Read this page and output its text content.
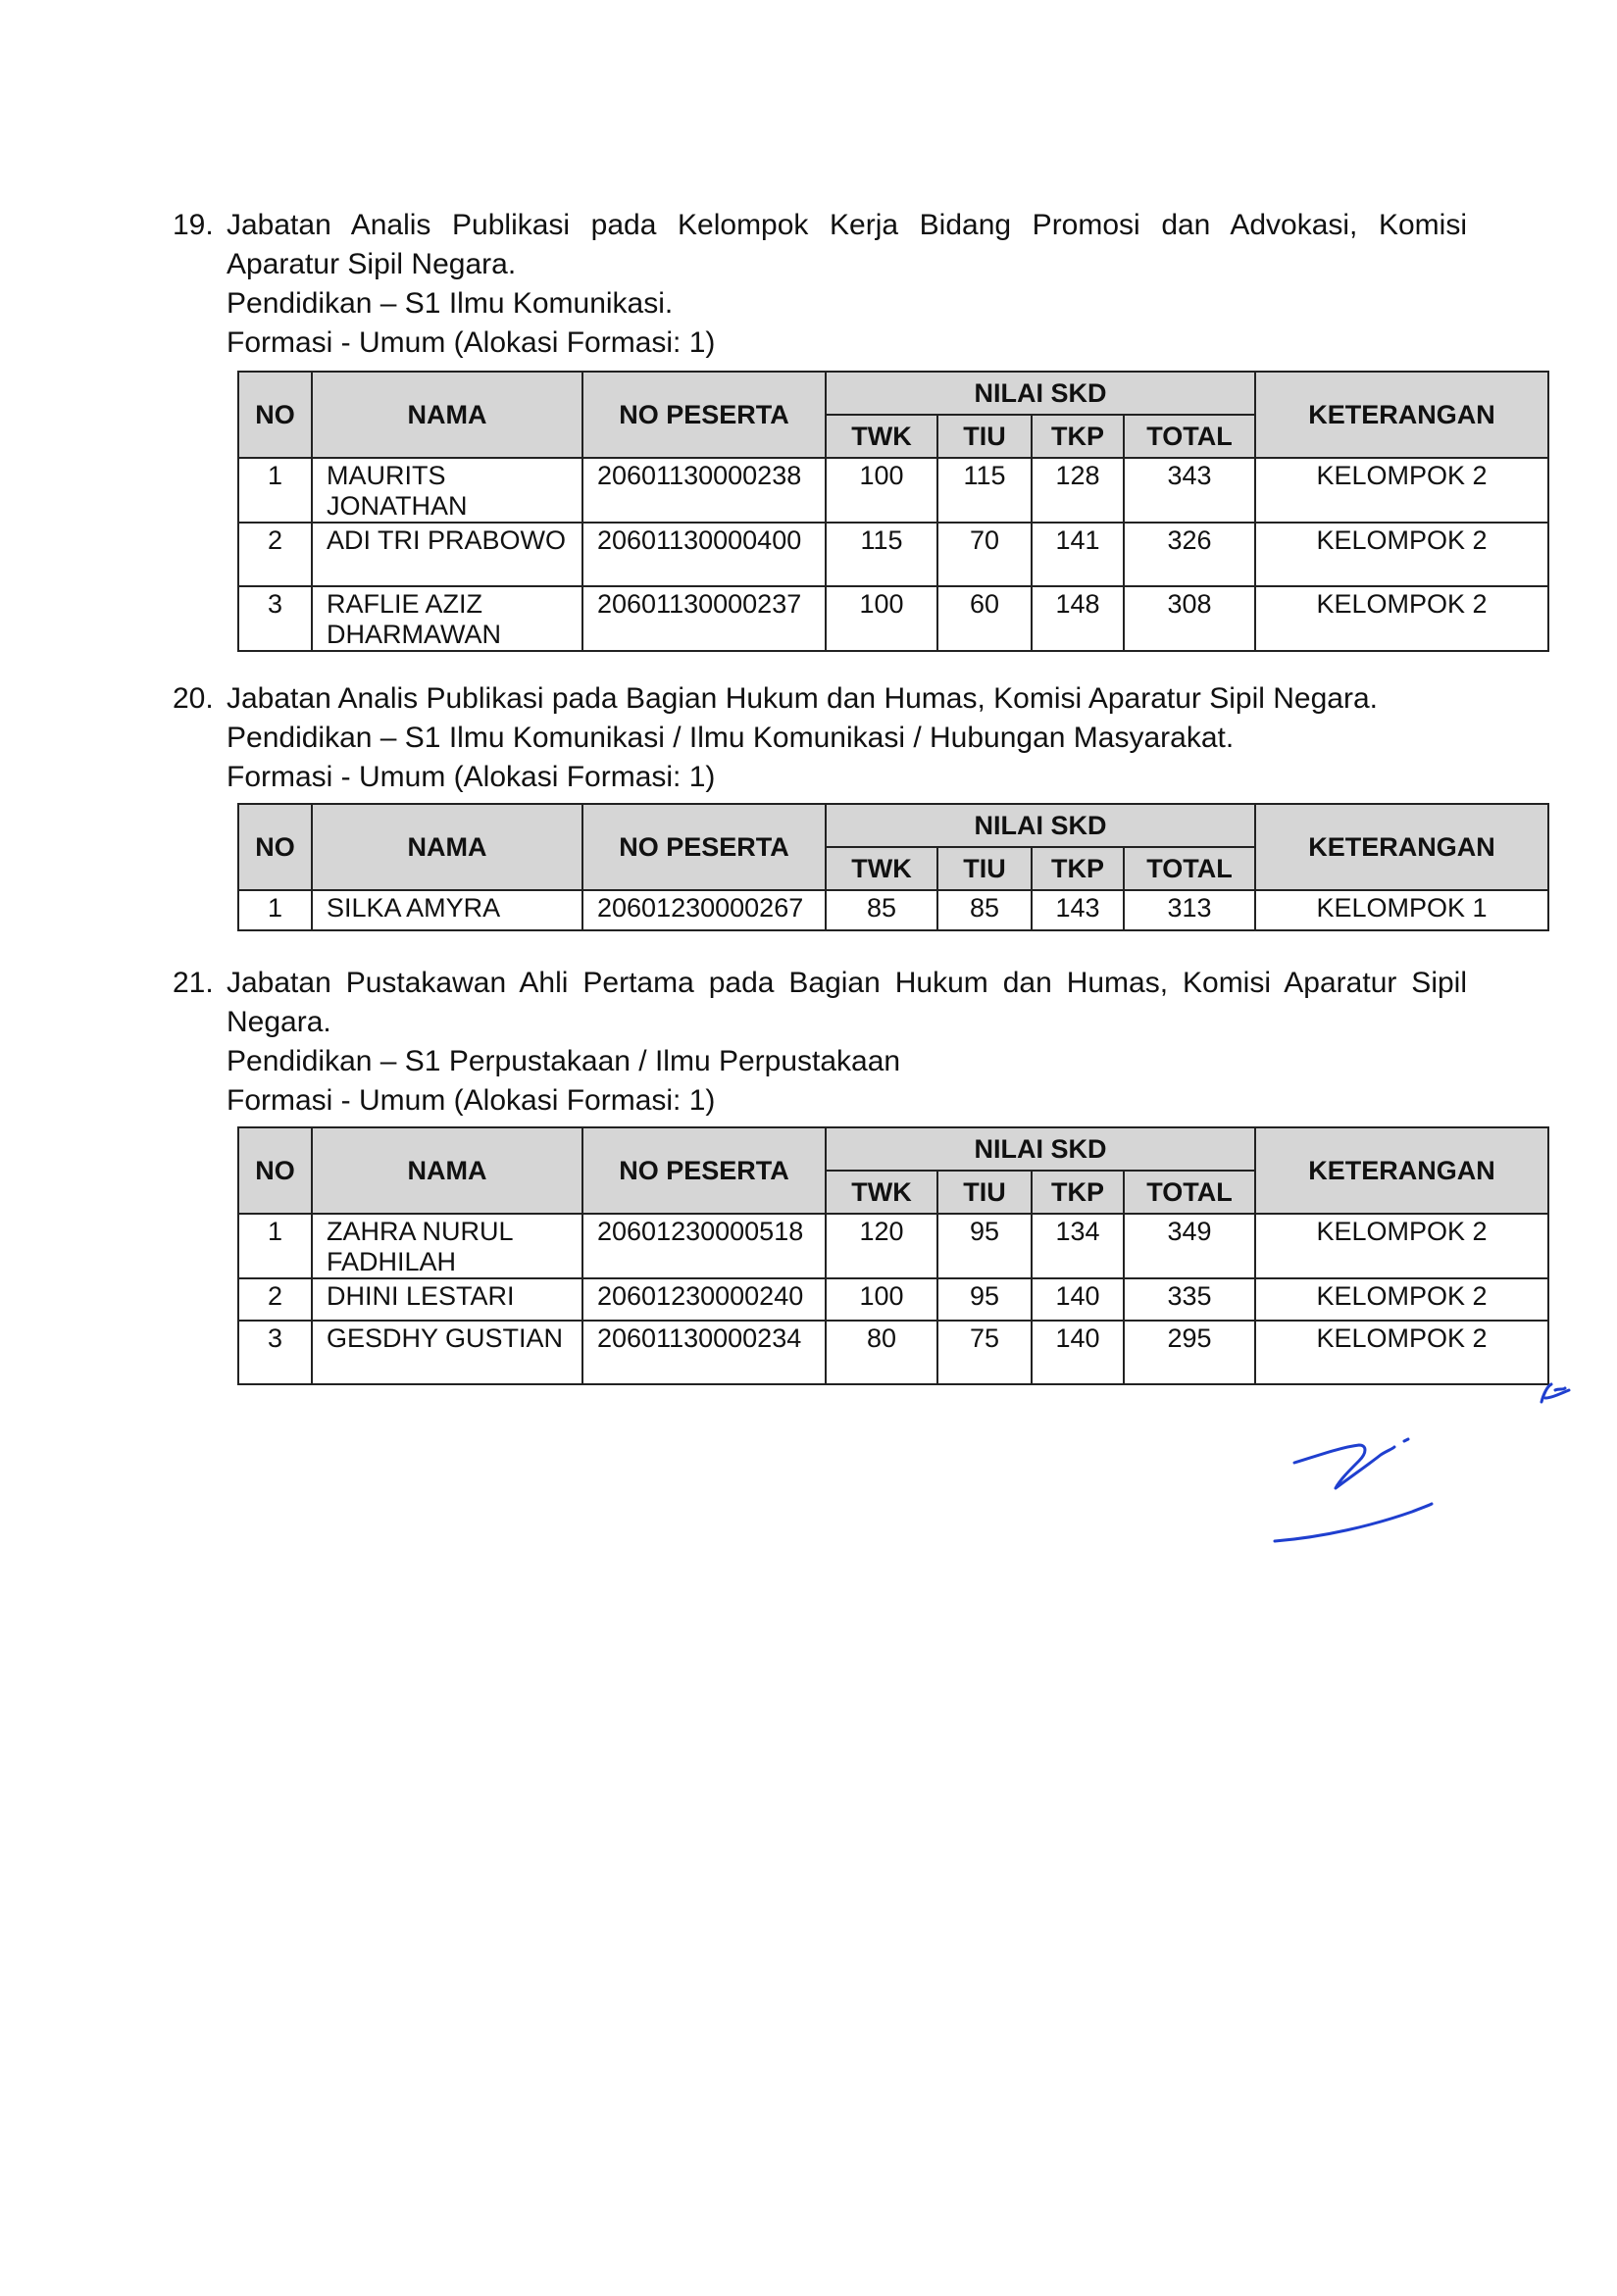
19. Jabatan Analis Publikasi pada Kelompok Kerja Bidang Promosi dan Advokasi, Komisi
Aparatur Sipil Negara.
Pendidikan – S1 Ilmu Komunikasi.
Formasi - Umum (Alokasi Formasi: 1)
NO	NAMA	NO PESERTA	NILAI SKD				KETERANGAN
			TWK	TIU	TKP	TOTAL	
1	MAURITS JONATHAN	20601130000238	100	115	128	343	KELOMPOK 2
2	ADI TRI PRABOWO	20601130000400	115	70	141	326	KELOMPOK 2
3	RAFLIE AZIZ DHARMAWAN	20601130000237	100	60	148	308	KELOMPOK 2
20. Jabatan Analis Publikasi pada Bagian Hukum dan Humas, Komisi Aparatur Sipil Negara.
Pendidikan – S1 Ilmu Komunikasi / Ilmu Komunikasi / Hubungan Masyarakat.
Formasi - Umum (Alokasi Formasi: 1)
NO	NAMA	NO PESERTA	NILAI SKD				KETERANGAN
			TWK	TIU	TKP	TOTAL	
1	SILKA AMYRA	20601230000267	85	85	143	313	KELOMPOK 1
21. Jabatan Pustakawan Ahli Pertama pada Bagian Hukum dan Humas, Komisi Aparatur Sipil
Negara.
Pendidikan – S1 Perpustakaan / Ilmu Perpustakaan
Formasi - Umum (Alokasi Formasi: 1)
NO	NAMA	NO PESERTA	NILAI SKD				KETERANGAN
			TWK	TIU	TKP	TOTAL	
1	ZAHRA NURUL FADHILAH	20601230000518	120	95	134	349	KELOMPOK 2
2	DHINI LESTARI	20601230000240	100	95	140	335	KELOMPOK 2
3	GESDHY GUSTIAN	20601130000234	80	75	140	295	KELOMPOK 2
